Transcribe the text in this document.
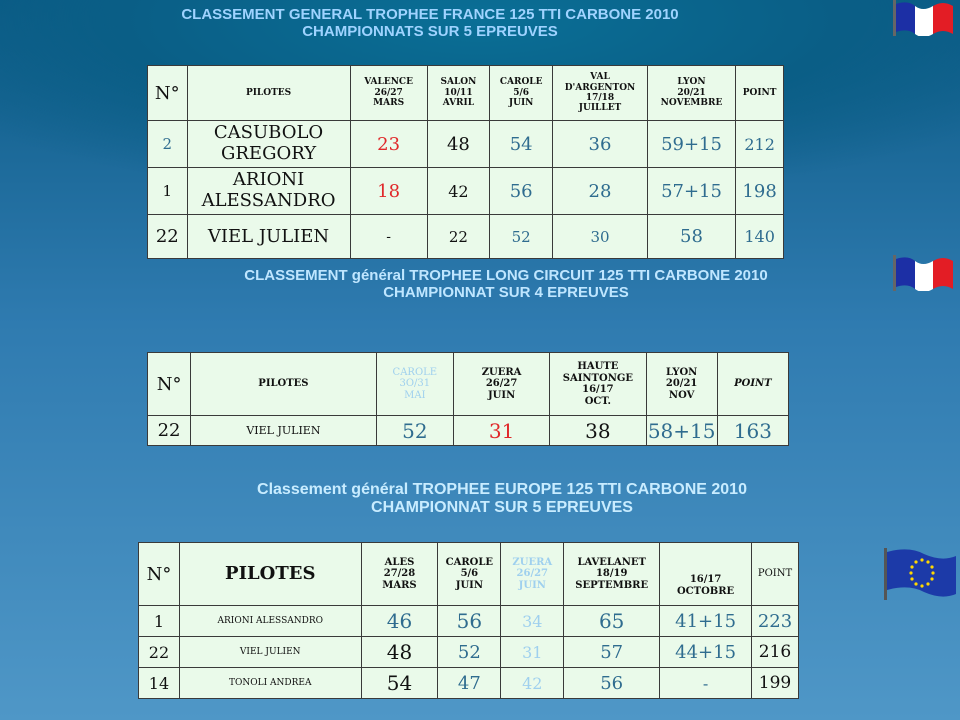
CLASSEMENT GENERAL TROPHEE FRANCE 125 TTI CARBONE 2010
CHAMPIONNATS SUR 5 EPREUVES
N°	PILOTES	VALENCE
26/27
MARS	SALON
10/11
AVRIL	CAROLE
5/6
JUIN	VAL
D'ARGENTON
17/18
JUILLET	LYON
20/21
NOVEMBRE	POINT
2	CASUBOLO GREGORY	23	48	54	36	59+15	212
1	ARIONI ALESSANDRO	18	42	56	28	57+15	198
22	VIEL JULIEN	-	22	52	30	58	140
CLASSEMENT général TROPHEE LONG CIRCUIT 125 TTI CARBONE 2010
CHAMPIONNAT SUR 4 EPREUVES
N°	PILOTES	CAROLE
3O/31
MAI	ZUERA
26/27
JUIN	HAUTE
SAINTONGE
16/17
OCT.	LYON
20/21
NOV	POINT
22	VIEL JULIEN	52	31	38	58+15	163
Classement général TROPHEE EUROPE 125 TTI CARBONE 2010
CHAMPIONNAT SUR 5 EPREUVES
N°	PILOTES	ALES
27/28
MARS	CAROLE
5/6
JUIN	ZUERA
26/27
JUIN	LAVELANET
18/19
SEPTEMBRE	16/17
OCTOBRE	POINT
1	ARIONI ALESSANDRO	46	56	34	65	41+15	223
22	VIEL JULIEN	48	52	31	57	44+15	216
14	TONOLI ANDREA	54	47	42	56	-	199
